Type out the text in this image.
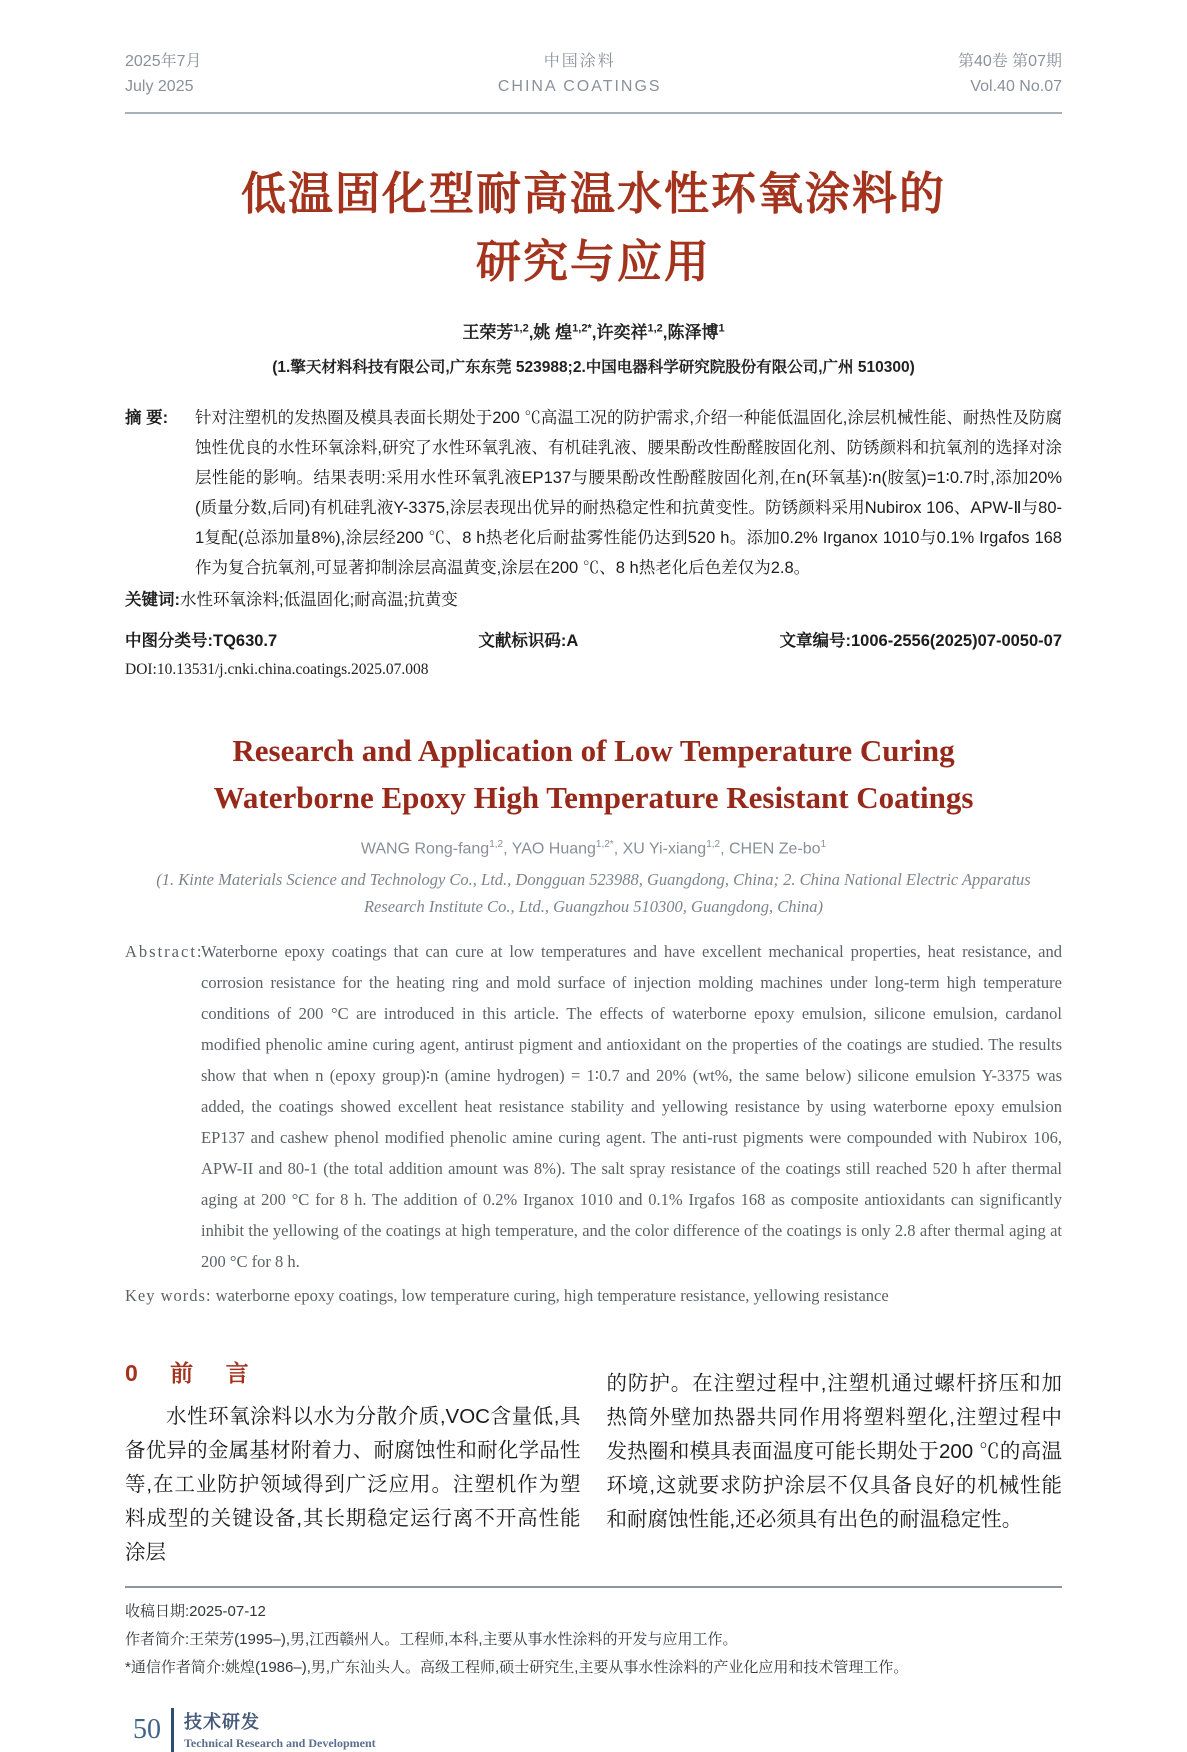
2025年7月
July 2025
中国涂料
CHINA COATINGS
第40卷 第07期
Vol.40 No.07
低温固化型耐高温水性环氧涂料的
研究与应用
王荣芳$^{1,2}$,姚 煌$^{1,2*}$,许奕祥$^{1,2}$,陈泽博$^1$
(1.擎天材料科技有限公司,广东东莞 523988;2.中国电器科学研究院股份有限公司,广州 510300)
摘 要: 针对注塑机的发热圈及模具表面长期处于200 ℃高温工况的防护需求,介绍一种能低温固化,涂层机械性能、耐热性及防腐蚀性优良的水性环氧涂料,研究了水性环氧乳液、有机硅乳液、腰果酚改性酚醛胺固化剂、防锈颜料和抗氧剂的选择对涂层性能的影响。结果表明:采用水性环氧乳液EP137与腰果酚改性酚醛胺固化剂,在n(环氧基)∶n(胺氢)=1∶0.7时,添加20%(质量分数,后同)有机硅乳液Y-3375,涂层表现出优异的耐热稳定性和抗黄变性。防锈颜料采用Nubirox 106、APW-Ⅱ与80-1复配(总添加量8%),涂层经200 ℃、8 h热老化后耐盐雾性能仍达到520 h。添加0.2% Irganox 1010与0.1% Irgafos 168作为复合抗氧剂,可显著抑制涂层高温黄变,涂层在200 ℃、8 h热老化后色差仅为2.8。
关键词:水性环氧涂料;低温固化;耐高温;抗黄变
中图分类号:TQ630.7	文献标识码:A	文章编号:1006-2556(2025)07-0050-07
DOI:10.13531/j.cnki.china.coatings.2025.07.008
Research and Application of Low Temperature Curing
Waterborne Epoxy High Temperature Resistant Coatings
WANG Rong-fang$^{1,2}$, YAO Huang$^{1,2*}$, XU Yi-xiang$^{1,2}$, CHEN $Ze-bo^1$
(1. Kinte Materials Science and Technology Co., Ltd., Dongguan 523988, Guangdong, China; 2. China National Electric Apparatus Research Institute Co., Ltd., Guangzhou 510300, Guangdong, China)
Abstract:
Waterborne epoxy coatings that can cure at low temperatures and have excellent mechanical properties, heat resistance, and corrosion resistance for the heating ring and mold surface of injection molding machines under long-term high temperature conditions of 200 °C are introduced in this article. The effects of waterborne epoxy emulsion, silicone emulsion, cardanol modified phenolic amine curing agent, antirust pigment and antioxidant on the properties of the coatings are studied. The results show that when n (epoxy group)∶n (amine hydrogen) = 1∶0.7 and 20% (wt%, the same below) silicone emulsion Y-3375 was added, the coatings showed excellent heat resistance stability and yellowing resistance by using waterborne epoxy emulsion EP137 and cashew phenol modified phenolic amine curing agent. The anti-rust pigments were compounded with Nubirox 106, APW-II and 80-1 (the total addition amount was 8%). The salt spray resistance of the coatings still reached 520 h after thermal aging at 200 °C for 8 h. The addition of 0.2% Irganox 1010 and 0.1% Irgafos 168 as composite antioxidants can significantly inhibit the yellowing of the coatings at high temperature, and the color difference of the coatings is only 2.8 after thermal aging at 200 °C for 8 h.
Key words: waterborne epoxy coatings, low temperature curing, high temperature resistance, yellowing resistance
0 前 言

水性环氧涂料以水为分散介质,VOC含量低,具备优异的金属基材附着力、耐腐蚀性和耐化学品性等,在工业防护领域得到广泛应用。注塑机作为塑料成型的关键设备,其长期稳定运行离不开高性能涂层

的防护。在注塑过程中,注塑机通过螺杆挤压和加热筒外壁加热器共同作用将塑料塑化,注塑过程中发热圈和模具表面温度可能长期处于200 ℃的高温环境,这就要求防护涂层不仅具备良好的机械性能和耐腐蚀性能,还必须具有出色的耐温稳定性。

收稿日期:2025-07-12
作者简介:王荣芳(1995–),男,江西赣州人。工程师,本科,主要从事水性涂料的开发与应用工作。
*通信作者简介:姚煌(1986–),男,广东汕头人。高级工程师,硕士研究生,主要从事水性涂料的产业化应用和技术管理工作。
50 技术研发
Technical Research and Development
